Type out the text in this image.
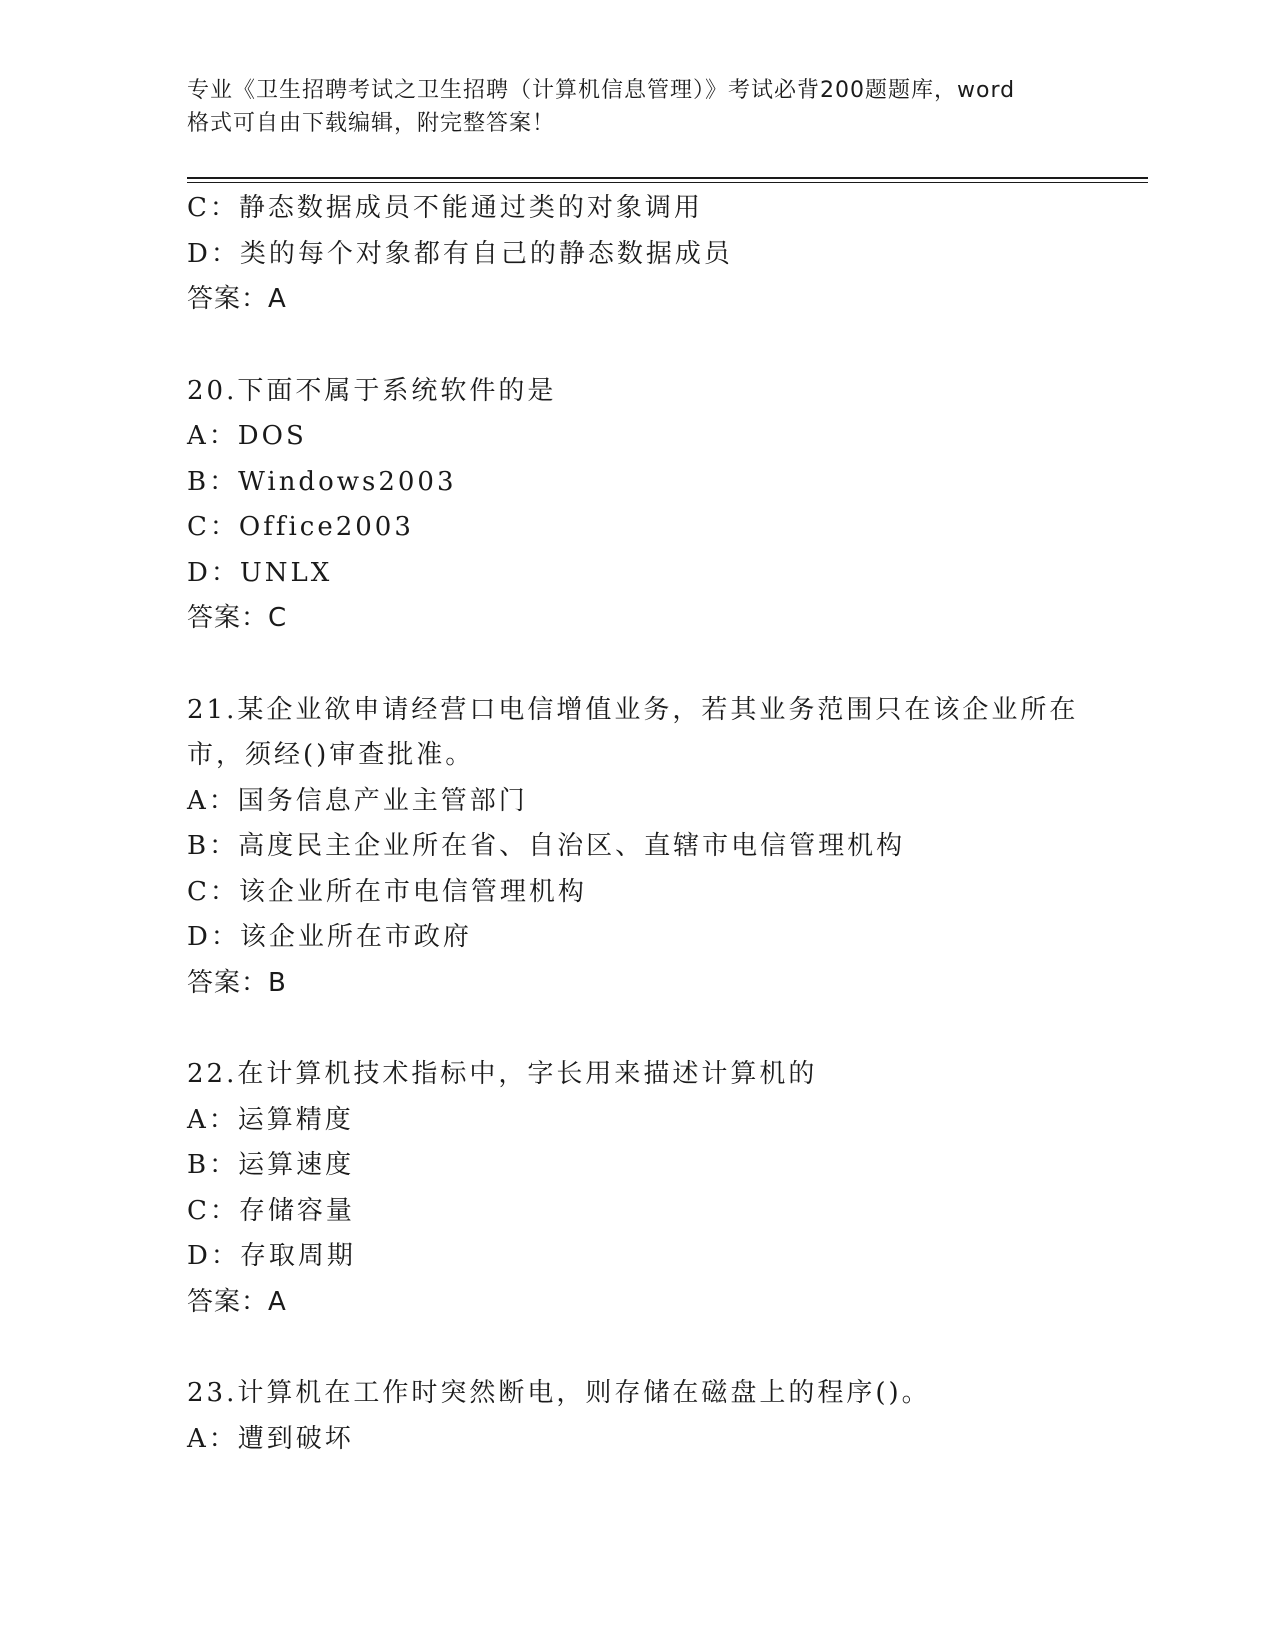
专业《卫生招聘考试之卫生招聘（计算机信息管理）》考试必背200题题库，word
格式可自由下载编辑，附完整答案！
C：静态数据成员不能通过类的对象调用
D：类的每个对象都有自己的静态数据成员
答案：A
20.下面不属于系统软件的是
A：DOS
B：Windows2003
C：Office2003
D：UNLX
答案：C
21.某企业欲申请经营口电信增值业务，若其业务范围只在该企业所在
市，须经()审查批准。
A：国务信息产业主管部门
B：高度民主企业所在省、自治区、直辖市电信管理机构
C：该企业所在市电信管理机构
D：该企业所在市政府
答案：B
22.在计算机技术指标中，字长用来描述计算机的
A：运算精度
B：运算速度
C：存储容量
D：存取周期
答案：A
23.计算机在工作时突然断电，则存储在磁盘上的程序()。
A：遭到破坏
